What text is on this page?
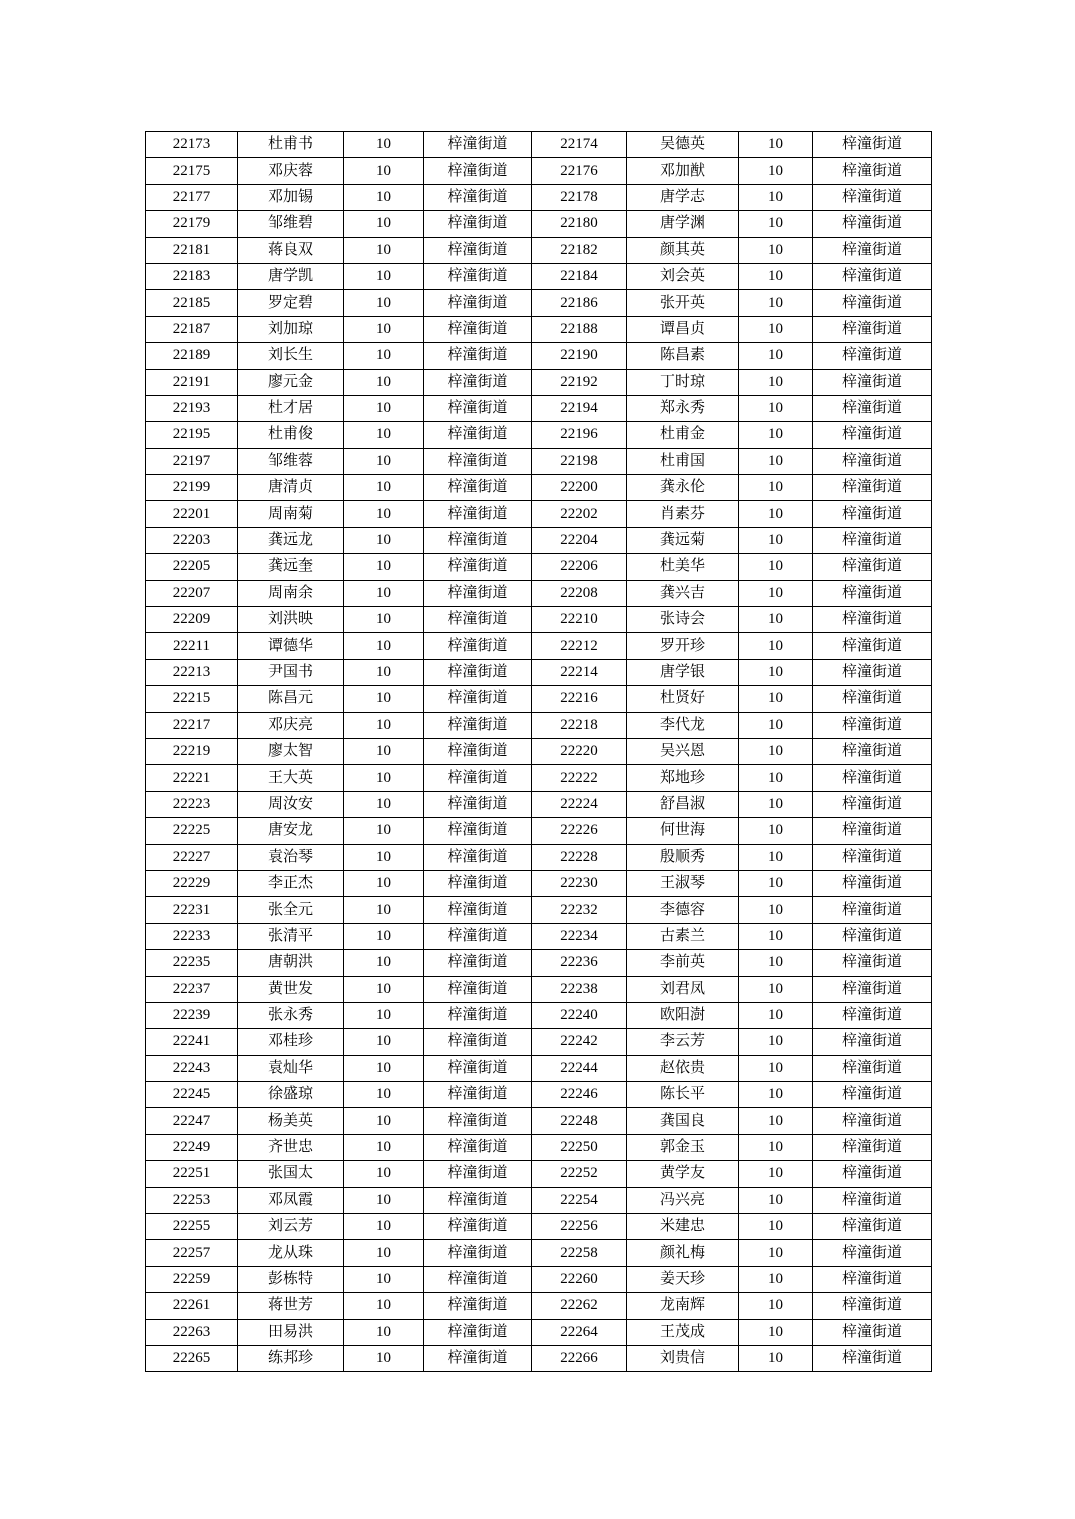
22173	杜甫书	10	梓潼街道	22174	吴德英	10	梓潼街道
22175	邓庆蓉	10	梓潼街道	22176	邓加猷	10	梓潼街道
22177	邓加锡	10	梓潼街道	22178	唐学志	10	梓潼街道
22179	邹维碧	10	梓潼街道	22180	唐学渊	10	梓潼街道
22181	蒋良双	10	梓潼街道	22182	颜其英	10	梓潼街道
22183	唐学凯	10	梓潼街道	22184	刘会英	10	梓潼街道
22185	罗定碧	10	梓潼街道	22186	张开英	10	梓潼街道
22187	刘加琼	10	梓潼街道	22188	谭昌贞	10	梓潼街道
22189	刘长生	10	梓潼街道	22190	陈昌素	10	梓潼街道
22191	廖元金	10	梓潼街道	22192	丁时琼	10	梓潼街道
22193	杜才居	10	梓潼街道	22194	郑永秀	10	梓潼街道
22195	杜甫俊	10	梓潼街道	22196	杜甫金	10	梓潼街道
22197	邹维蓉	10	梓潼街道	22198	杜甫国	10	梓潼街道
22199	唐清贞	10	梓潼街道	22200	龚永伦	10	梓潼街道
22201	周南菊	10	梓潼街道	22202	肖素芬	10	梓潼街道
22203	龚远龙	10	梓潼街道	22204	龚远菊	10	梓潼街道
22205	龚远奎	10	梓潼街道	22206	杜美华	10	梓潼街道
22207	周南余	10	梓潼街道	22208	龚兴吉	10	梓潼街道
22209	刘洪映	10	梓潼街道	22210	张诗会	10	梓潼街道
22211	谭德华	10	梓潼街道	22212	罗开珍	10	梓潼街道
22213	尹国书	10	梓潼街道	22214	唐学银	10	梓潼街道
22215	陈昌元	10	梓潼街道	22216	杜贤好	10	梓潼街道
22217	邓庆亮	10	梓潼街道	22218	李代龙	10	梓潼街道
22219	廖太智	10	梓潼街道	22220	吴兴恩	10	梓潼街道
22221	王大英	10	梓潼街道	22222	郑地珍	10	梓潼街道
22223	周汝安	10	梓潼街道	22224	舒昌淑	10	梓潼街道
22225	唐安龙	10	梓潼街道	22226	何世海	10	梓潼街道
22227	袁治琴	10	梓潼街道	22228	殷顺秀	10	梓潼街道
22229	李正杰	10	梓潼街道	22230	王淑琴	10	梓潼街道
22231	张全元	10	梓潼街道	22232	李德容	10	梓潼街道
22233	张清平	10	梓潼街道	22234	古素兰	10	梓潼街道
22235	唐朝洪	10	梓潼街道	22236	李前英	10	梓潼街道
22237	黄世发	10	梓潼街道	22238	刘君凤	10	梓潼街道
22239	张永秀	10	梓潼街道	22240	欧阳澍	10	梓潼街道
22241	邓桂珍	10	梓潼街道	22242	李云芳	10	梓潼街道
22243	袁灿华	10	梓潼街道	22244	赵依贵	10	梓潼街道
22245	徐盛琼	10	梓潼街道	22246	陈长平	10	梓潼街道
22247	杨美英	10	梓潼街道	22248	龚国良	10	梓潼街道
22249	齐世忠	10	梓潼街道	22250	郭金玉	10	梓潼街道
22251	张国太	10	梓潼街道	22252	黄学友	10	梓潼街道
22253	邓凤霞	10	梓潼街道	22254	冯兴亮	10	梓潼街道
22255	刘云芳	10	梓潼街道	22256	米建忠	10	梓潼街道
22257	龙从珠	10	梓潼街道	22258	颜礼梅	10	梓潼街道
22259	彭栋特	10	梓潼街道	22260	姜天珍	10	梓潼街道
22261	蒋世芳	10	梓潼街道	22262	龙南辉	10	梓潼街道
22263	田易洪	10	梓潼街道	22264	王茂成	10	梓潼街道
22265	练邦珍	10	梓潼街道	22266	刘贵信	10	梓潼街道
